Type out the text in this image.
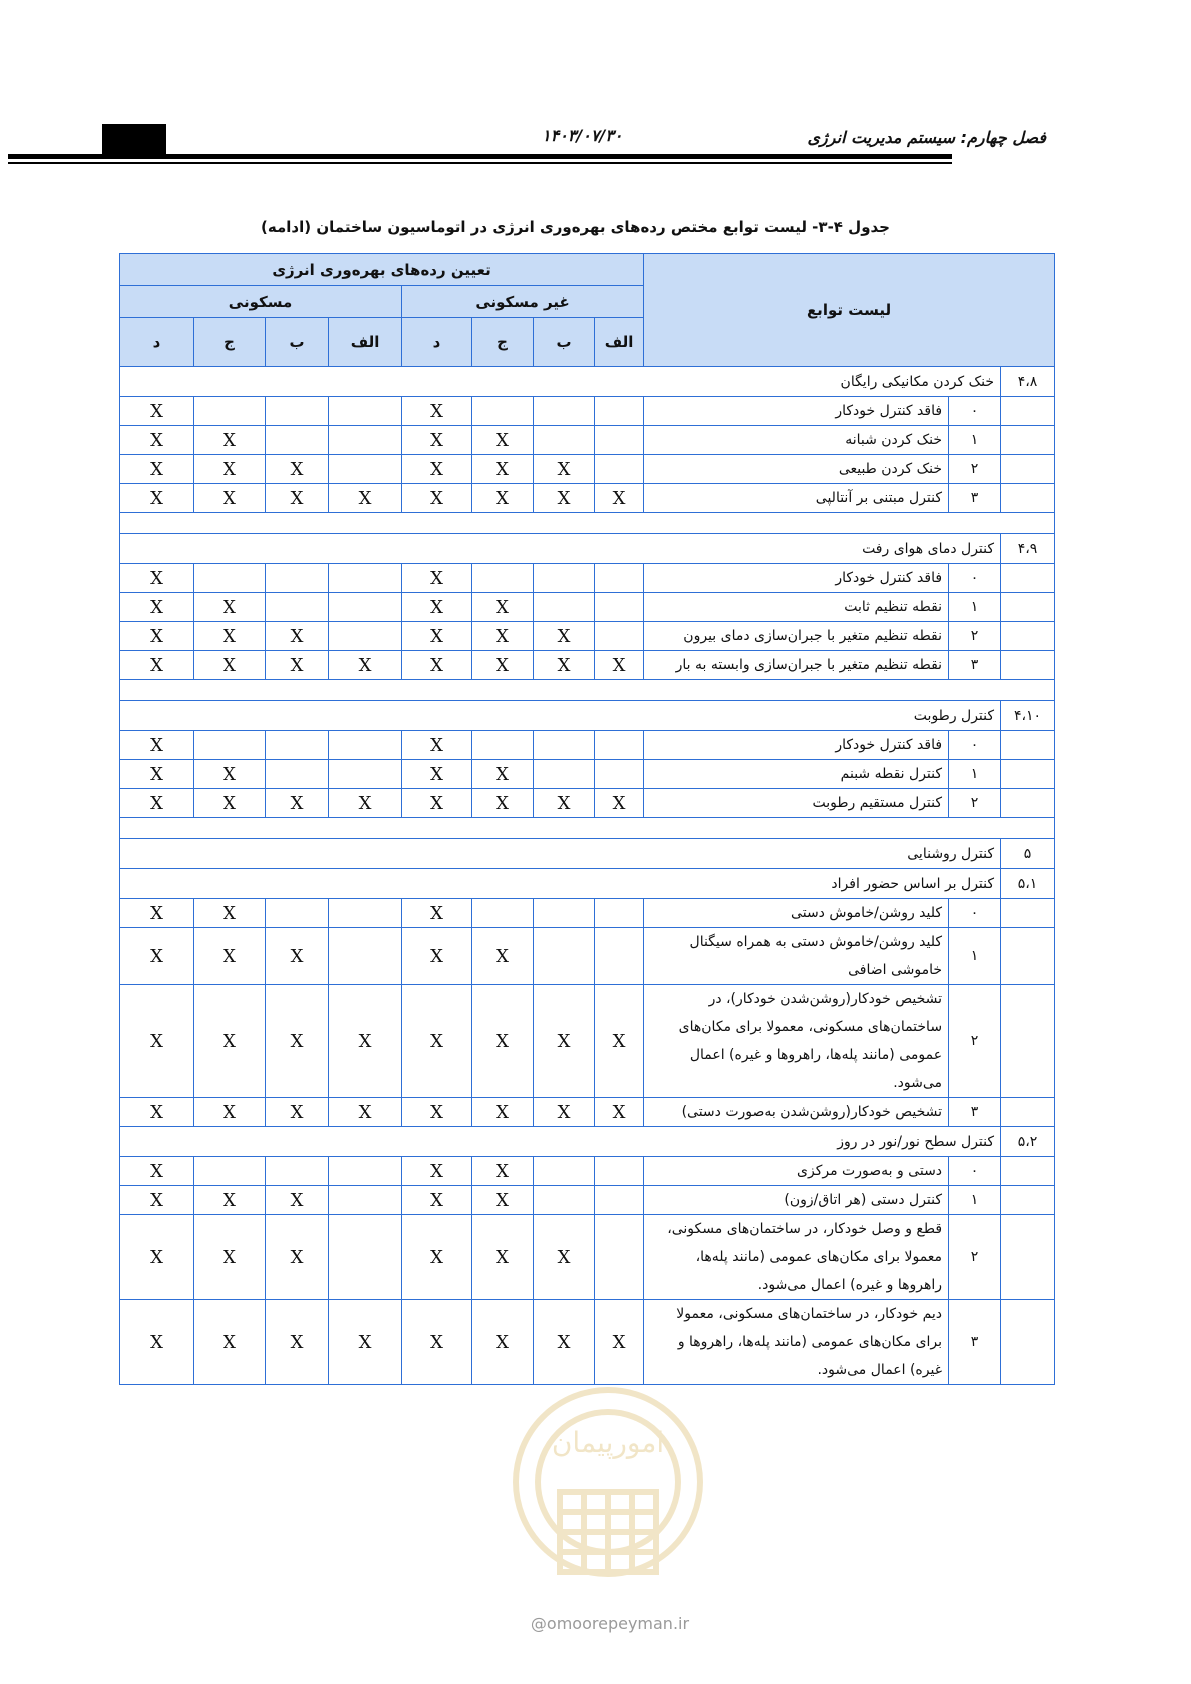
۱۴۰۳/۰۷/۳۰	فصل چهارم: سیستم مدیریت انرژی
جدول ۴-۳- لیست توابع مختص رده‌های بهره‌وری انرژی در اتوماسیون ساختمان (ادامه)
لیست توابع			تعیین رده‌های بهره‌وری انرژی							
			غیر مسکونی				مسکونی			
			الف	ب	ج	د	الف	ب	ج	د
۴،۸	خنک کردن مکانیکی رایگان									
	۰	فاقد کنترل خودکار				X				X
	۱	خنک کردن شبانه			X	X			X	X
	۲	خنک کردن طبیعی		X	X	X		X	X	X
	۳	کنترل مبتنی بر آنتالپی	X	X	X	X	X	X	X	X

۴،۹	کنترل دمای هوای رفت									
	۰	فاقد کنترل خودکار				X				X
	۱	نقطه تنظیم ثابت			X	X			X	X
	۲	نقطه تنظیم متغیر با جبران‌سازی دمای بیرون		X	X	X		X	X	X
	۳	نقطه تنظیم متغیر با جبران‌سازی وابسته به بار	X	X	X	X	X	X	X	X

۴،۱۰	کنترل رطوبت									
	۰	فاقد کنترل خودکار				X				X
	۱	کنترل نقطه شبنم			X	X			X	X
	۲	کنترل مستقیم رطوبت	X	X	X	X	X	X	X	X

۵	کنترل روشنایی									
۵،۱	کنترل بر اساس حضور افراد									
	۰	کلید روشن/خاموش دستی				X			X	X
	۱	کلید روشن/خاموش دستی به همراه سیگنال خاموشی اضافی			X	X		X	X	X
	۲	تشخیص خودکار(روشن‌شدن خودکار)، در ساختمان‌های مسکونی، معمولا برای مکان‌های عمومی (مانند پله‌ها، راهروها و غیره) اعمال می‌شود.	X	X	X	X	X	X	X	X
	۳	تشخیص خودکار(روشن‌شدن به‌صورت دستی)	X	X	X	X	X	X	X	X
۵،۲	کنترل سطح نور/نور در روز									
	۰	دستی و به‌صورت مرکزی			X	X				X
	۱	کنترل دستی (هر اتاق/زون)			X	X		X	X	X
	۲	قطع و وصل خودکار، در ساختمان‌های مسکونی، معمولا برای مکان‌های عمومی (مانند پله‌ها، راهروها و غیره) اعمال می‌شود.		X	X	X		X	X	X
	۳	دیم خودکار، در ساختمان‌های مسکونی، معمولا برای مکان‌های عمومی (مانند پله‌ها، راهروها و غیره) اعمال می‌شود.	X	X	X	X	X	X	X	X
امورپیمان
@omoorepeyman.ir
